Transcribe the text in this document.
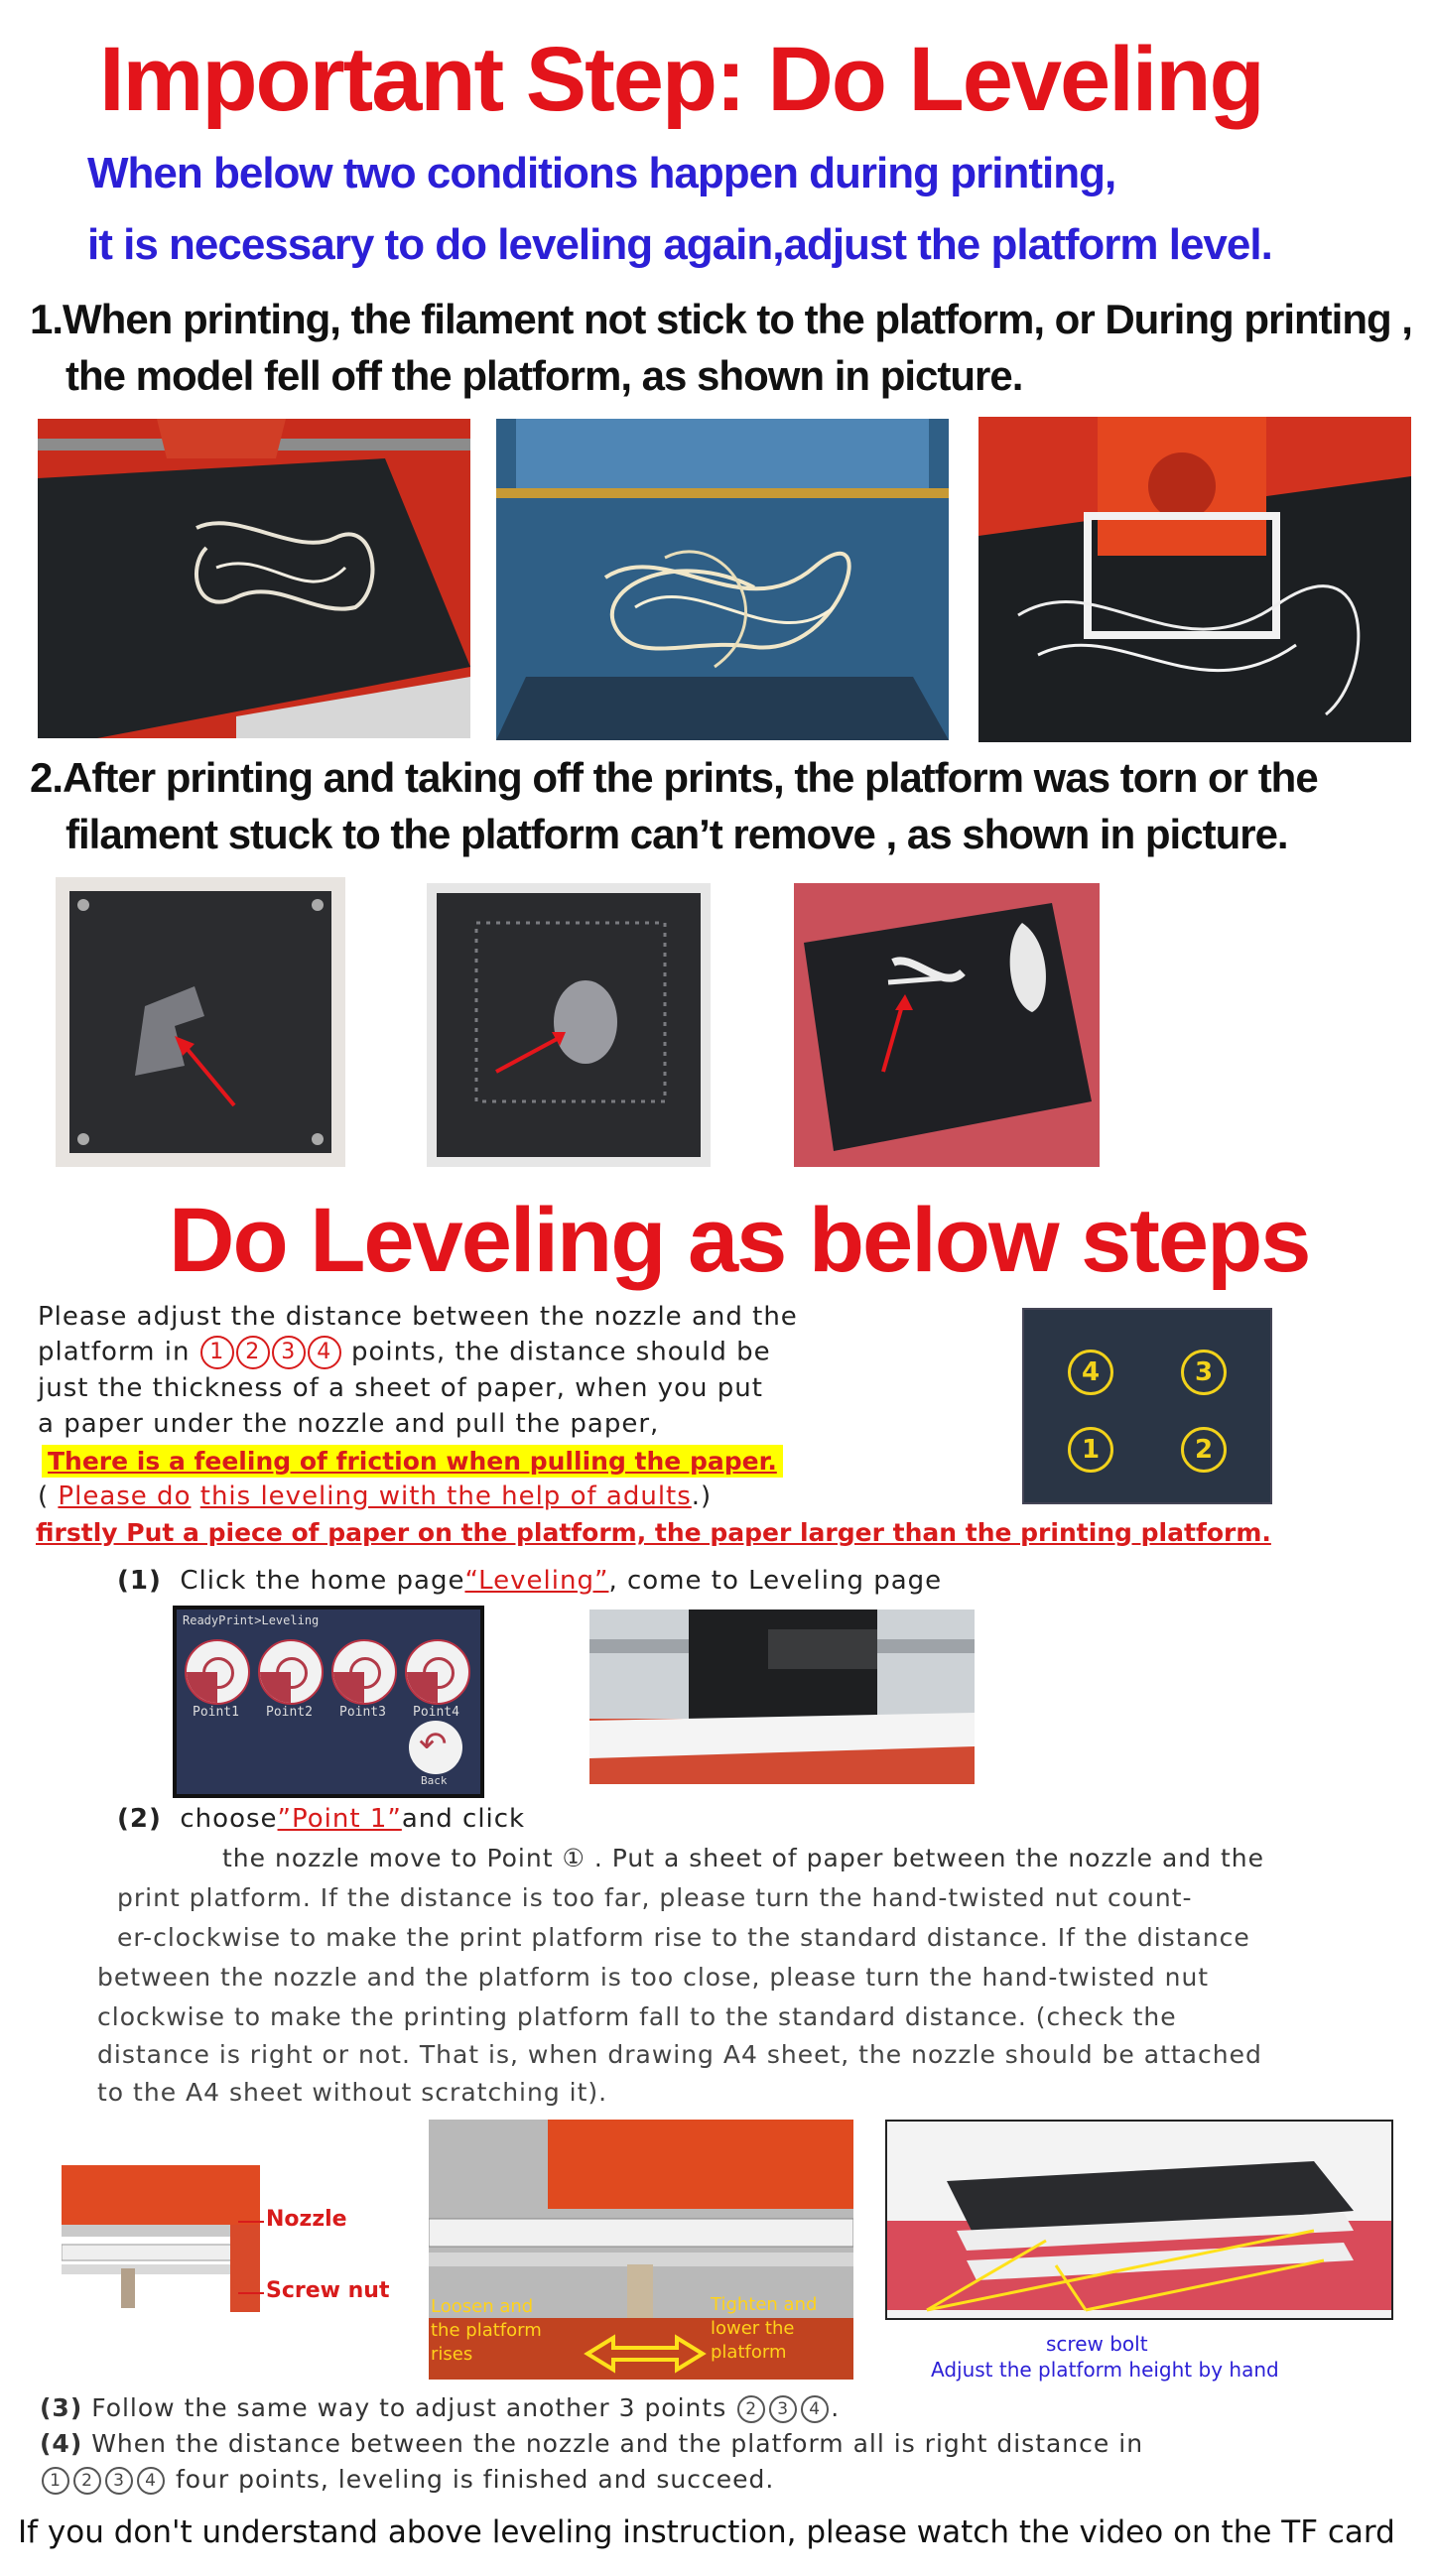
Important Step: Do Leveling
When below two conditions happen during printing,
it is necessary to do leveling again,adjust the platform level.
1.When printing, the filament not stick to the platform, or During printing ,
the model fell off the platform, as shown in picture.
2.After printing and taking off the prints, the platform was torn or the
filament stuck to the platform can’t remove , as shown in picture.
Do Leveling as below steps
Please adjust the distance between the nozzle and the
platform in 1 2 3 4 points, the distance should be
just the thickness of a sheet of paper, when you put
a paper under the nozzle and pull the paper,
There is a feeling of friction when pulling the paper.
( Please do this leveling with the help of adults.)
firstly Put a piece of paper on the platform, the paper larger than the printing platform.
4	3
1	2
(1) Click the home page“Leveling”, come to Leveling page
ReadyPrint>Leveling
Point1 Point2 Point3 Point4
↶
Back
(2) choose”Point 1”and click
the nozzle move to Point ① . Put a sheet of paper between the nozzle and the
print platform. If the distance is too far, please turn the hand-twisted nut count-
er-clockwise to make the print platform rise to the standard distance. If the distance
between the nozzle and the platform is too close, please turn the hand-twisted nut
clockwise to make the printing platform fall to the standard distance. (check the
distance is right or not. That is, when drawing A4 sheet, the nozzle should be attached
to the A4 sheet without scratching it).
Nozzle
Screw nut
Loosen and
the platform
rises
Tighten and
lower the
platform	screw bolt
Adjust the platform height by hand
(3) Follow the same way to adjust another 3 points 2 3 4 .
(4) When the distance between the nozzle and the platform all is right distance in
1 2 3 4 four points, leveling is finished and succeed.
If you don't understand above leveling instruction, please watch the video on the TF card
